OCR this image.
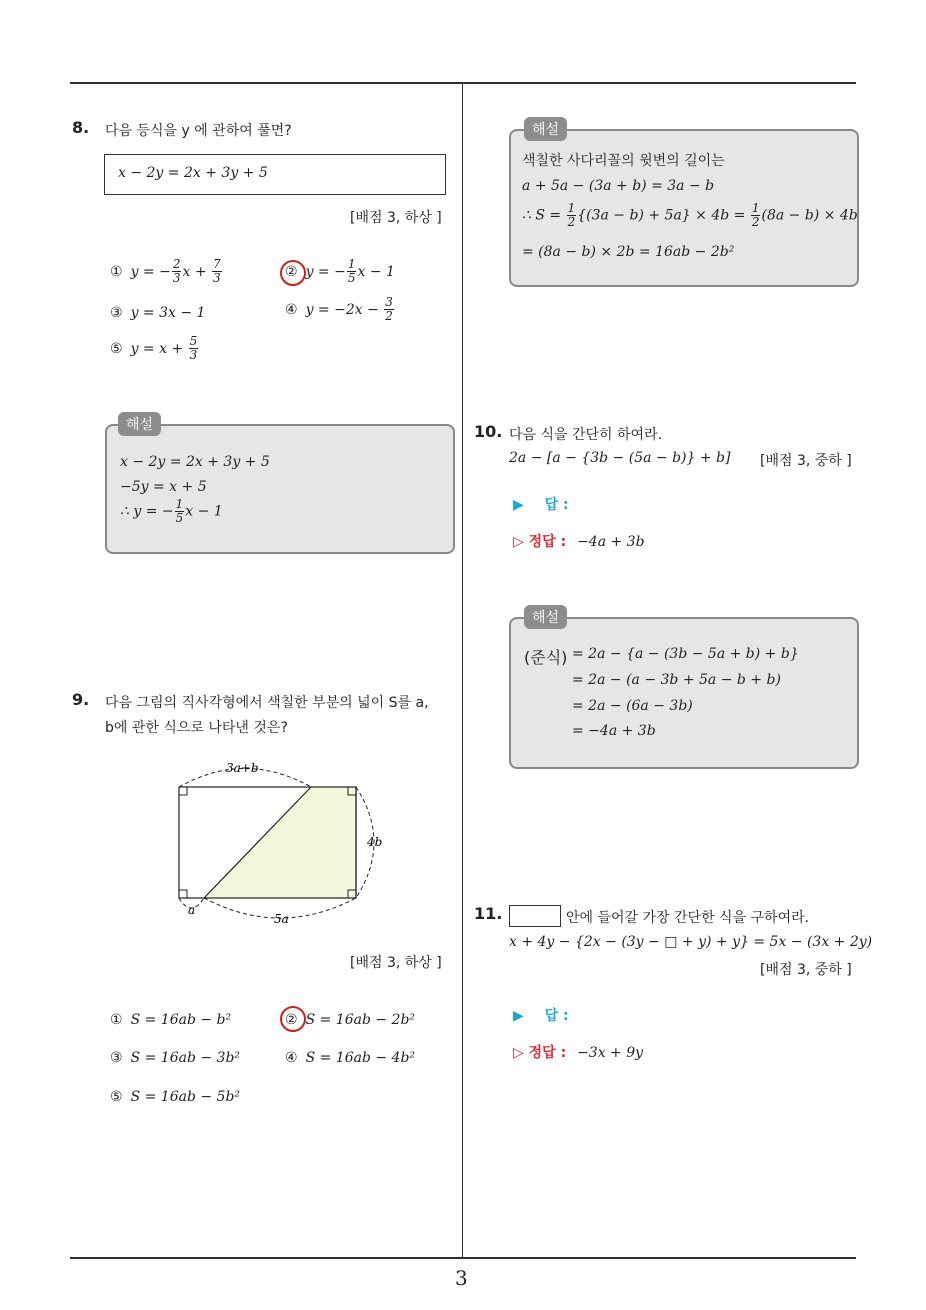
3
8. 다음 등식을 y 에 관하여 풀면?
x − 2y = 2x + 3y + 5
[배점 3, 하상 ]
① y = − $\frac{2}{3}$ $x + \frac{7}{3}$	② y = − $\frac{1}{5}$ x − 1
③ y = 3x − 1	④ $y = -2x - \frac{3}{2}$
⑤ $y = x + \frac{5}{3}$
해설
x − 2y = 2x + 3y + 5
−5y = x + 5
∴ y = − $\frac{1}{5}$ x − 1
9. 다음 그림의 직사각형에서 색칠한 부분의 넓이 S를 a,
b에 관한 식으로 나타낸 것은?
3a+b
4b
a
5a
[배점 3, 하상 ]
① S = 16ab − b²	② S = 16ab − 2b²
③ S = 16ab − 3b²	④ S = 16ab − 4b²
⑤ S = 16ab − 5b²
해설
색칠한 사다리꼴의 윗변의 길이는
a + 5a − (3a + b) = 3a − b
∴ $S = \frac{1}{2} \{(3a - b) + 5a\} \times 4b = \frac{1}{2} (8a - b) \times 4b$
= (8a − b) × 2b = 16ab − 2b²
10. 다음 식을 간단히 하여라.
2a − [a − {3b − (5a − b)} + b] [배점 3, 중하 ]
▶ 답 :
▷ 정답 : −4a + 3b
해설
(준식) = 2a − {a − (3b − 5a + b) + b}
= 2a − (a − 3b + 5a − b + b)
= 2a − (6a − 3b)
= −4a + 3b
11.	안에 들어갈 가장 간단한 식을 구하여라.
x + 4y − {2x − (3y − □ + y) + y} = 5x − (3x + 2y)
[배점 3, 중하 ]
▶ 답 :
▷ 정답 : −3x + 9y
